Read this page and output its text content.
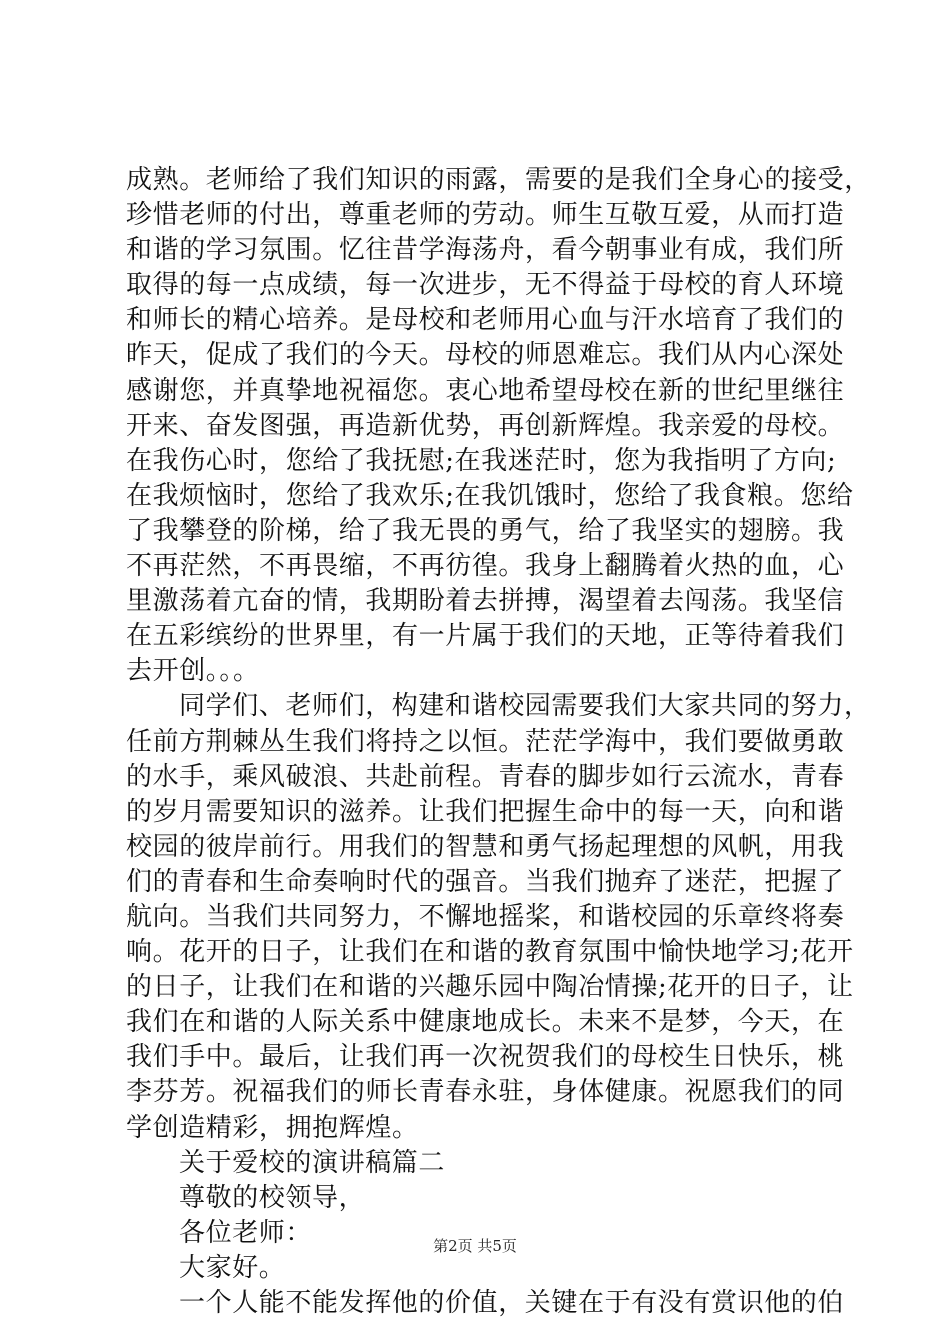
成熟。老师给了我们知识的雨露，需要的是我们全身心的接受，
珍惜老师的付出，尊重老师的劳动。师生互敬互爱，从而打造
和谐的学习氛围。忆往昔学海荡舟，看今朝事业有成，我们所
取得的每一点成绩，每一次进步，无不得益于母校的育人环境
和师长的精心培养。是母校和老师用心血与汗水培育了我们的
昨天，促成了我们的今天。母校的师恩难忘。我们从内心深处
感谢您，并真挚地祝福您。衷心地希望母校在新的世纪里继往
开来、奋发图强，再造新优势，再创新辉煌。我亲爱的母校。
在我伤心时，您给了我抚慰;在我迷茫时，您为我指明了方向;
在我烦恼时，您给了我欢乐;在我饥饿时，您给了我食粮。您给
了我攀登的阶梯，给了我无畏的勇气，给了我坚实的翅膀。我
不再茫然，不再畏缩，不再彷徨。我身上翻腾着火热的血，心
里激荡着亢奋的情，我期盼着去拼搏，渴望着去闯荡。我坚信
在五彩缤纷的世界里，有一片属于我们的天地，正等待着我们
去开创。。。
同学们、老师们，构建和谐校园需要我们大家共同的努力，
任前方荆棘丛生我们将持之以恒。茫茫学海中，我们要做勇敢
的水手，乘风破浪、共赴前程。青春的脚步如行云流水，青春
的岁月需要知识的滋养。让我们把握生命中的每一天，向和谐
校园的彼岸前行。用我们的智慧和勇气扬起理想的风帆，用我
们的青春和生命奏响时代的强音。当我们抛弃了迷茫，把握了
航向。当我们共同努力，不懈地摇桨，和谐校园的乐章终将奏
响。花开的日子，让我们在和谐的教育氛围中愉快地学习;花开
的日子，让我们在和谐的兴趣乐园中陶冶情操;花开的日子，让
我们在和谐的人际关系中健康地成长。未来不是梦，今天，在
我们手中。最后，让我们再一次祝贺我们的母校生日快乐，桃
李芬芳。祝福我们的师长青春永驻，身体健康。祝愿我们的同
学创造精彩，拥抱辉煌。
关于爱校的演讲稿篇二
尊敬的校领导，
各位老师：
大家好。
一个人能不能发挥他的价值，关键在于有没有赏识他的伯
第2页 共5页
